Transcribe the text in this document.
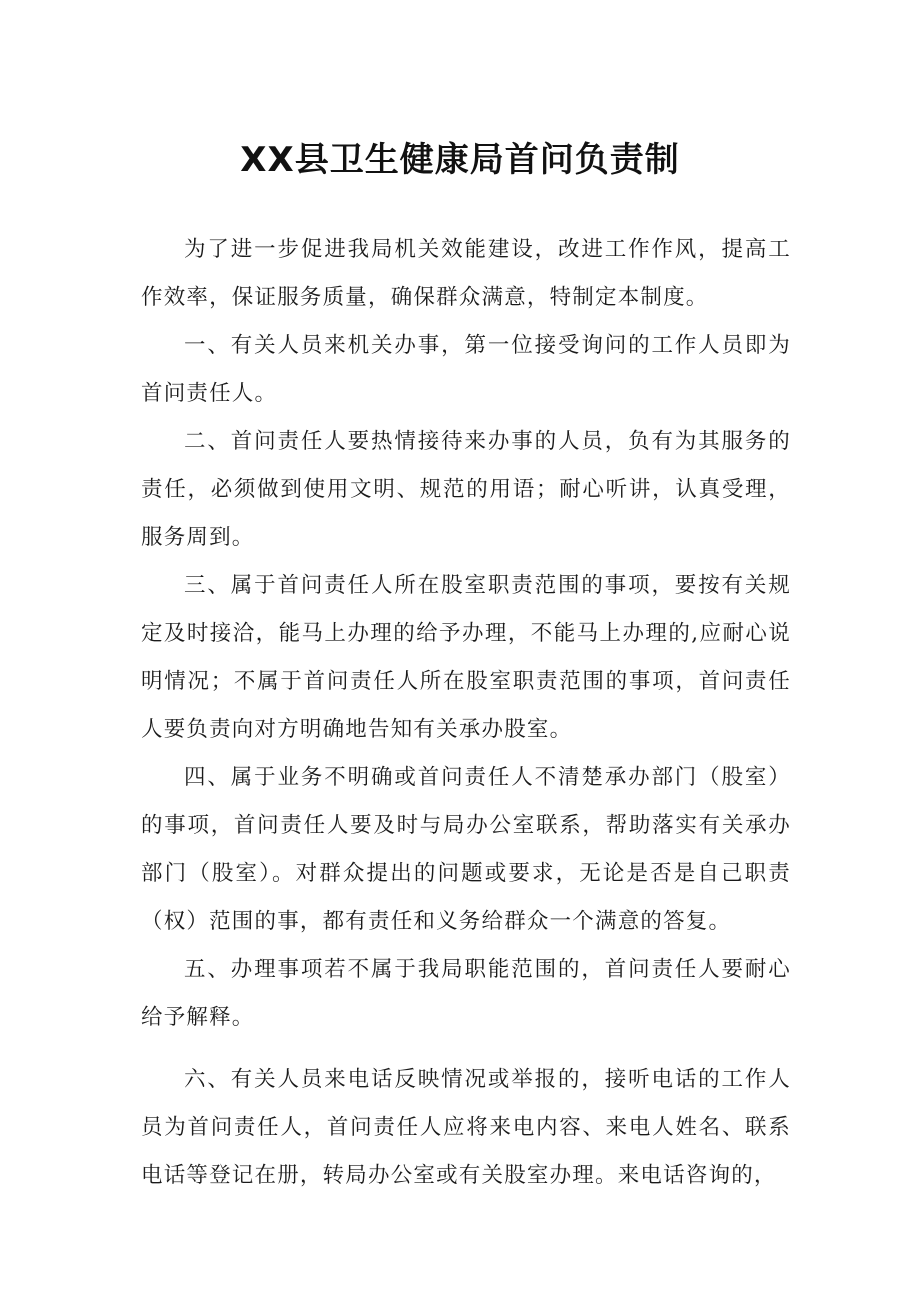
XX县卫生健康局首问负责制

为了进一步促进我局机关效能建设，改进工作作风，提高工作效率，保证服务质量，确保群众满意，特制定本制度。

一、有关人员来机关办事，第一位接受询问的工作人员即为首问责任人。

二、首问责任人要热情接待来办事的人员，负有为其服务的责任，必须做到使用文明、规范的用语；耐心听讲，认真受理，服务周到。

三、属于首问责任人所在股室职责范围的事项，要按有关规定及时接洽，能马上办理的给予办理，不能马上办理的,应耐心说明情况；不属于首问责任人所在股室职责范围的事项，首问责任人要负责向对方明确地告知有关承办股室。

四、属于业务不明确或首问责任人不清楚承办部门（股室）的事项，首问责任人要及时与局办公室联系，帮助落实有关承办部门（股室）。对群众提出的问题或要求，无论是否是自己职责（权）范围的事，都有责任和义务给群众一个满意的答复。

五、办理事项若不属于我局职能范围的，首问责任人要耐心给予解释。

六、有关人员来电话反映情况或举报的，接听电话的工作人员为首问责任人，首问责任人应将来电内容、来电人姓名、联系电话等登记在册，转局办公室或有关股室办理。来电话咨询的，
